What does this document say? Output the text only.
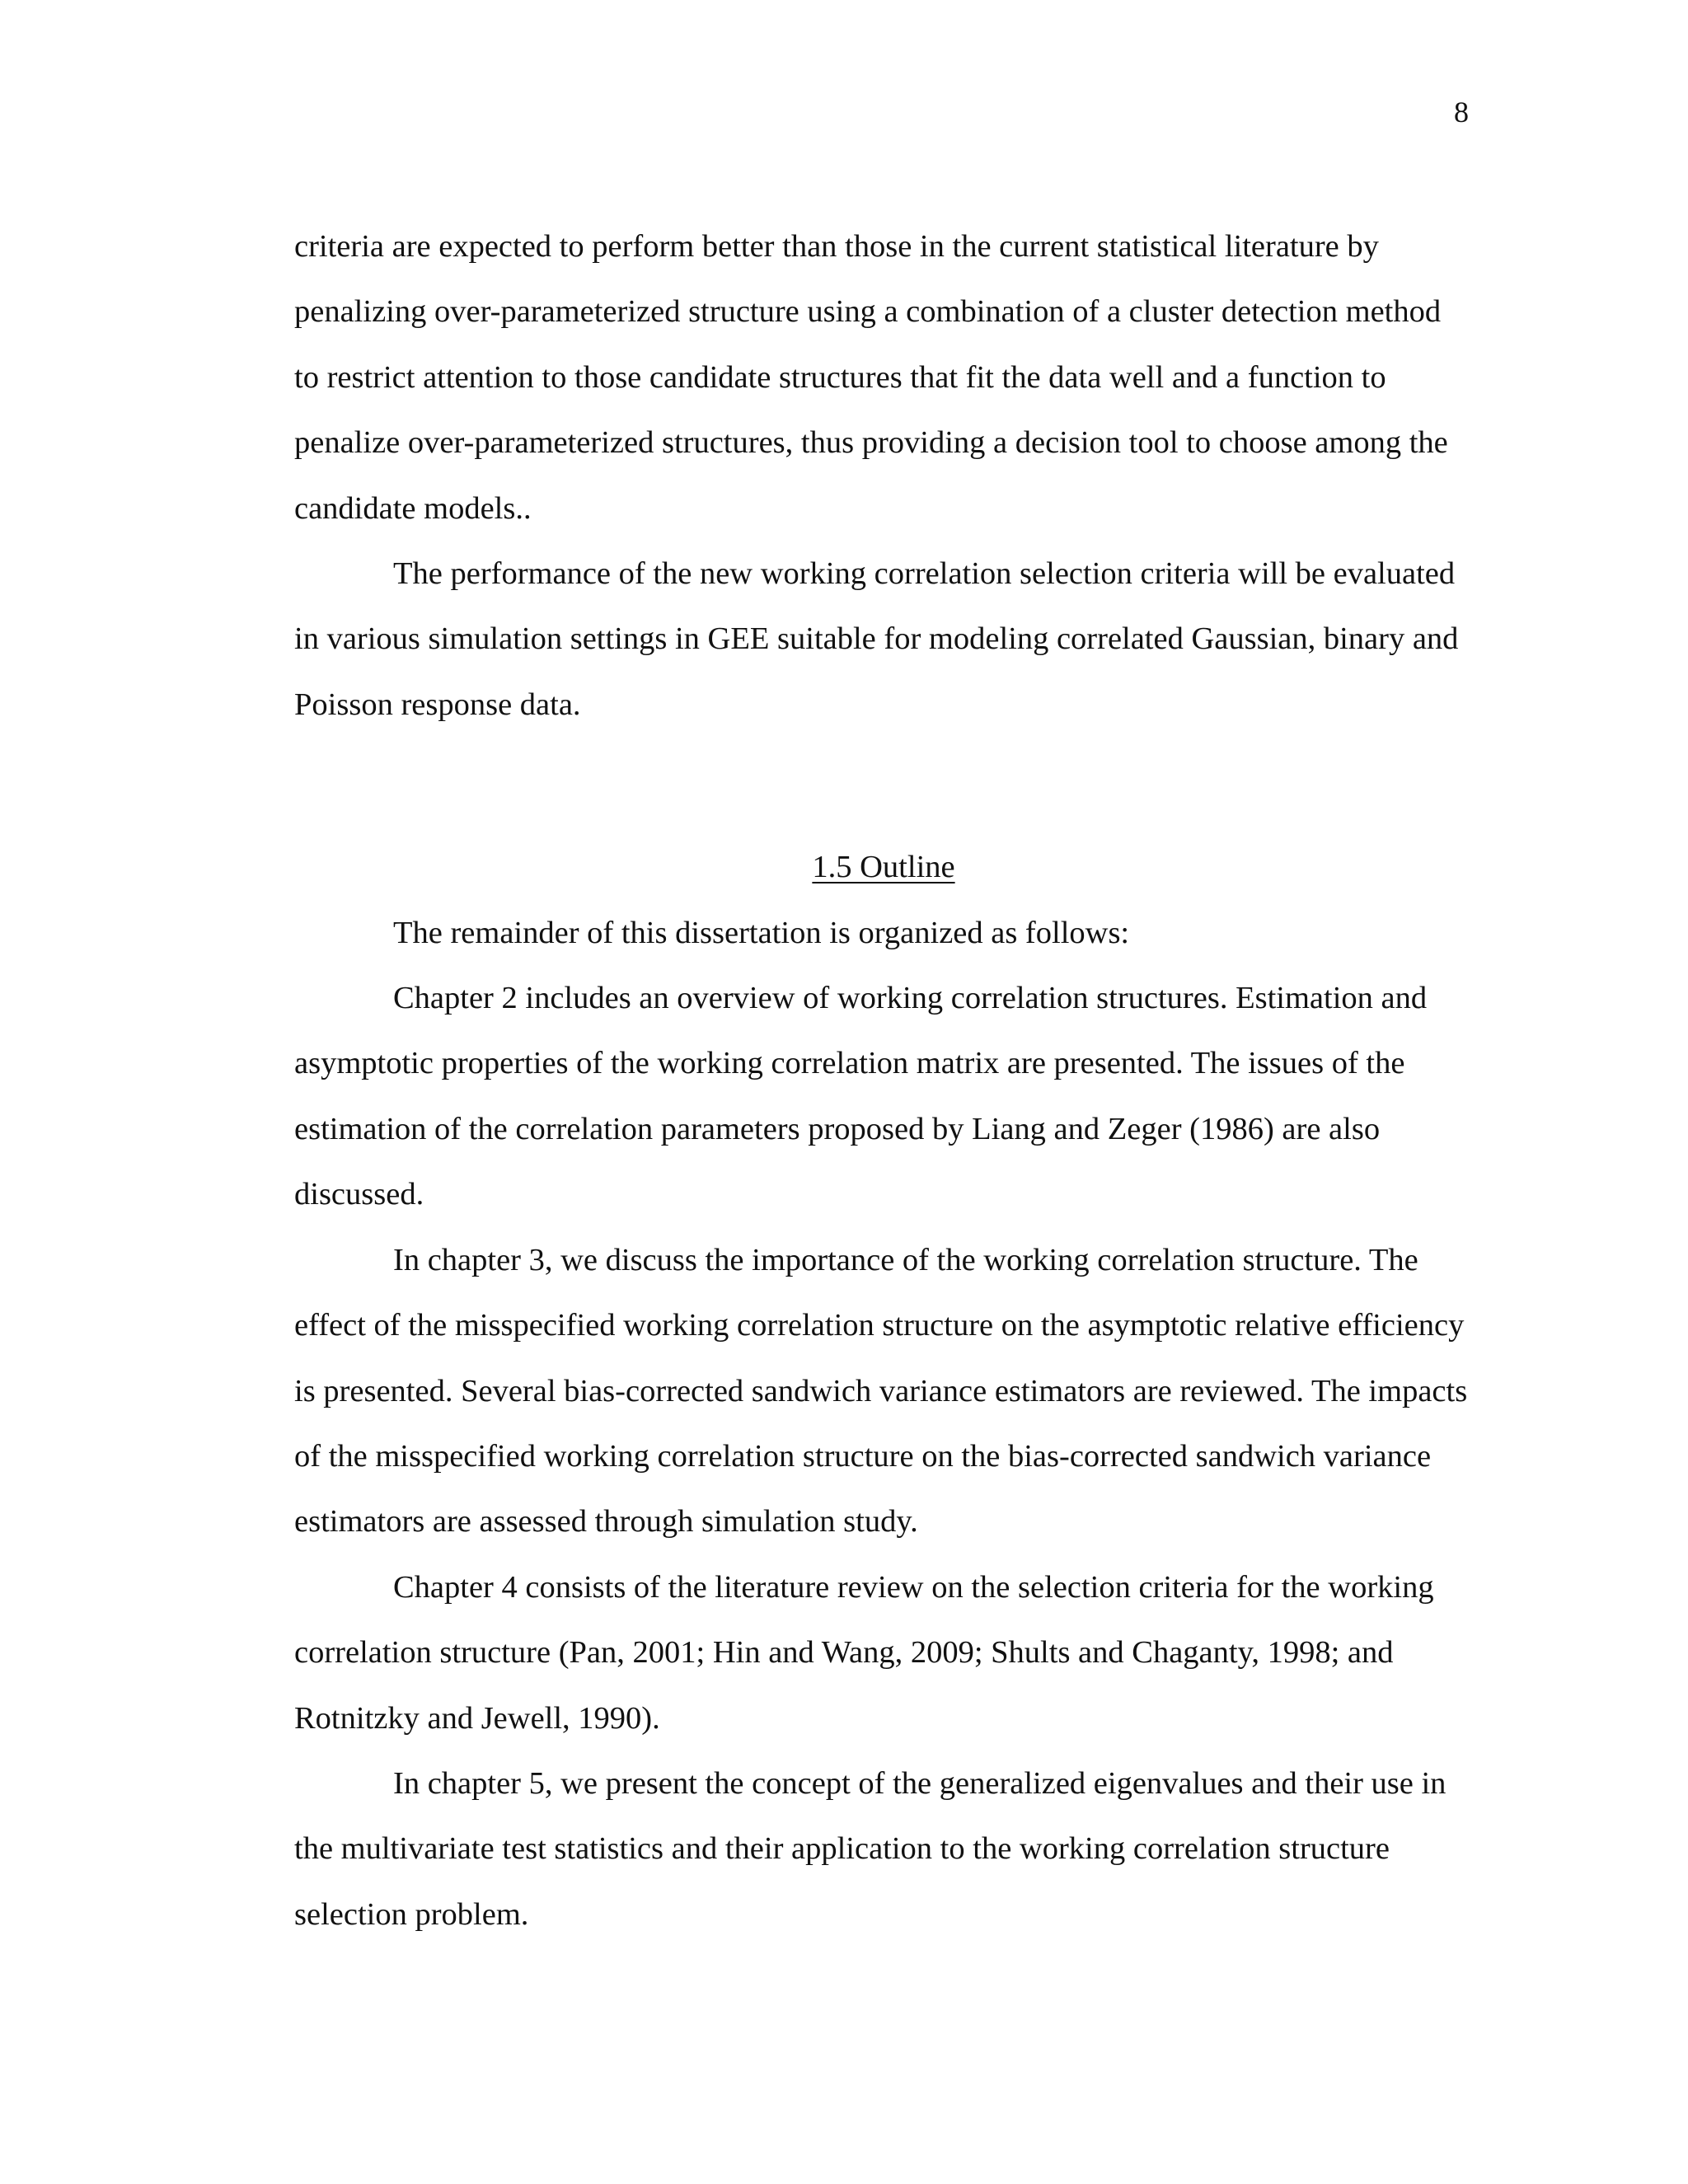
8

criteria are expected to perform better than those in the current statistical literature by penalizing over-parameterized structure using a combination of a cluster detection method to restrict attention to those candidate structures that fit the data well and a function to penalize over-parameterized structures, thus providing a decision tool to choose among the candidate models..

The performance of the new working correlation selection criteria will be evaluated in various simulation settings in GEE suitable for modeling correlated Gaussian, binary and Poisson response data.

1.5 Outline

The remainder of this dissertation is organized as follows:

Chapter 2 includes an overview of working correlation structures. Estimation and asymptotic properties of the working correlation matrix are presented. The issues of the estimation of the correlation parameters proposed by Liang and Zeger (1986) are also discussed.

In chapter 3, we discuss the importance of the working correlation structure. The effect of the misspecified working correlation structure on the asymptotic relative efficiency is presented. Several bias-corrected sandwich variance estimators are reviewed. The impacts of the misspecified working correlation structure on the bias-corrected sandwich variance estimators are assessed through simulation study.

Chapter 4 consists of the literature review on the selection criteria for the working correlation structure (Pan, 2001; Hin and Wang, 2009; Shults and Chaganty, 1998; and Rotnitzky and Jewell, 1990).

In chapter 5, we present the concept of the generalized eigenvalues and their use in the multivariate test statistics and their application to the working correlation structure selection problem.
